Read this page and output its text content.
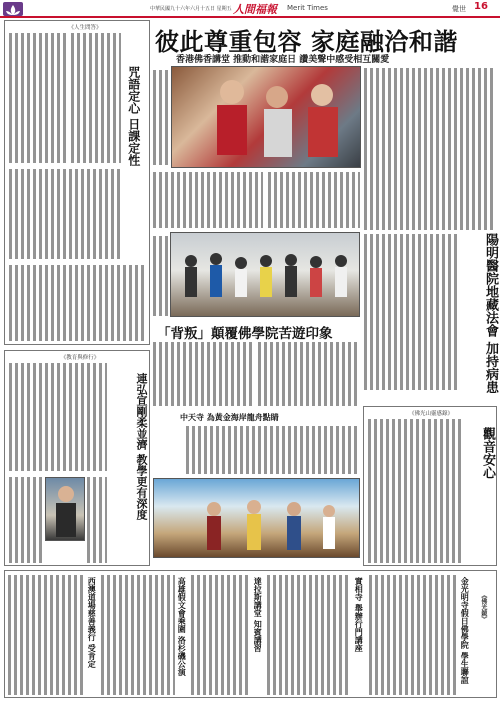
中華民國九十六年六月十五日 星期五 人間福報 Merit Times	覺世 16
彼此尊重包容 家庭融洽和諧
香港佛香講堂 推動和諧家庭日 讚美聲中感受相互關愛
《人生問答》
咒語定心 日課定性
陽明醫院地藏法會 加持病患
「背叛」顛覆佛學院苦遊印象
《教育與修行》
連弘宣剛柔並濟 教學更有深度	中天寺 為黃金海岸龍舟點睛	《佛光山靈感錄》
觀音安心
西澳道場慈善義行 受肯定	高雄假文會乘圍 洛杉磯公演	達拉斯講堂 知賓講習	實相寺 舉辦行門講座	金光明寺假日佛學院 學生聯誼 《佛光鏡》
